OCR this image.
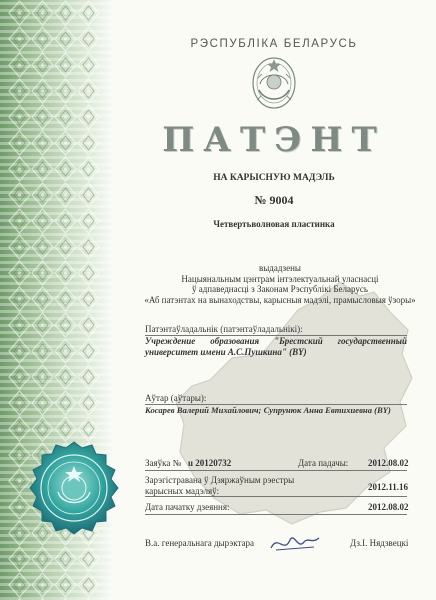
РЭСПУБЛІКА БЕЛАРУСЬ
ПАТЭНТ
НА КАРЫСНУЮ МАДЭЛЬ
№ 9004
Четвертьволновая пластинка
выдадзены
Нацыянальным цэнтрам інтэлектуальнай уласнасці
ў адпаведнасці з Законам Рэспублікі Беларусь
«Аб патэнтах на вынаходствы, карысныя мадэлі, прамысловыя ўзоры»
Патэнтаўладальнік (патэнтаўладальнікі):
Учреждение образования "Брестский государственный университет имени А.С.Пушкина" (BY)
Аўтар (аўтары):
Косарев Валерий Михайлович; Супрунюк Анна Евтихиевна (BY)
Заяўка № u 20120732	Дата падачы: 2012.08.02
Зарэгістравана ў Дзяржаўным рэестры
карысных мадэляў:	2012.11.16
Дата пачатку дзеяння:	2012.08.02
В.а. генеральнага дырэктара	Дз.І. Нядзвецкі
